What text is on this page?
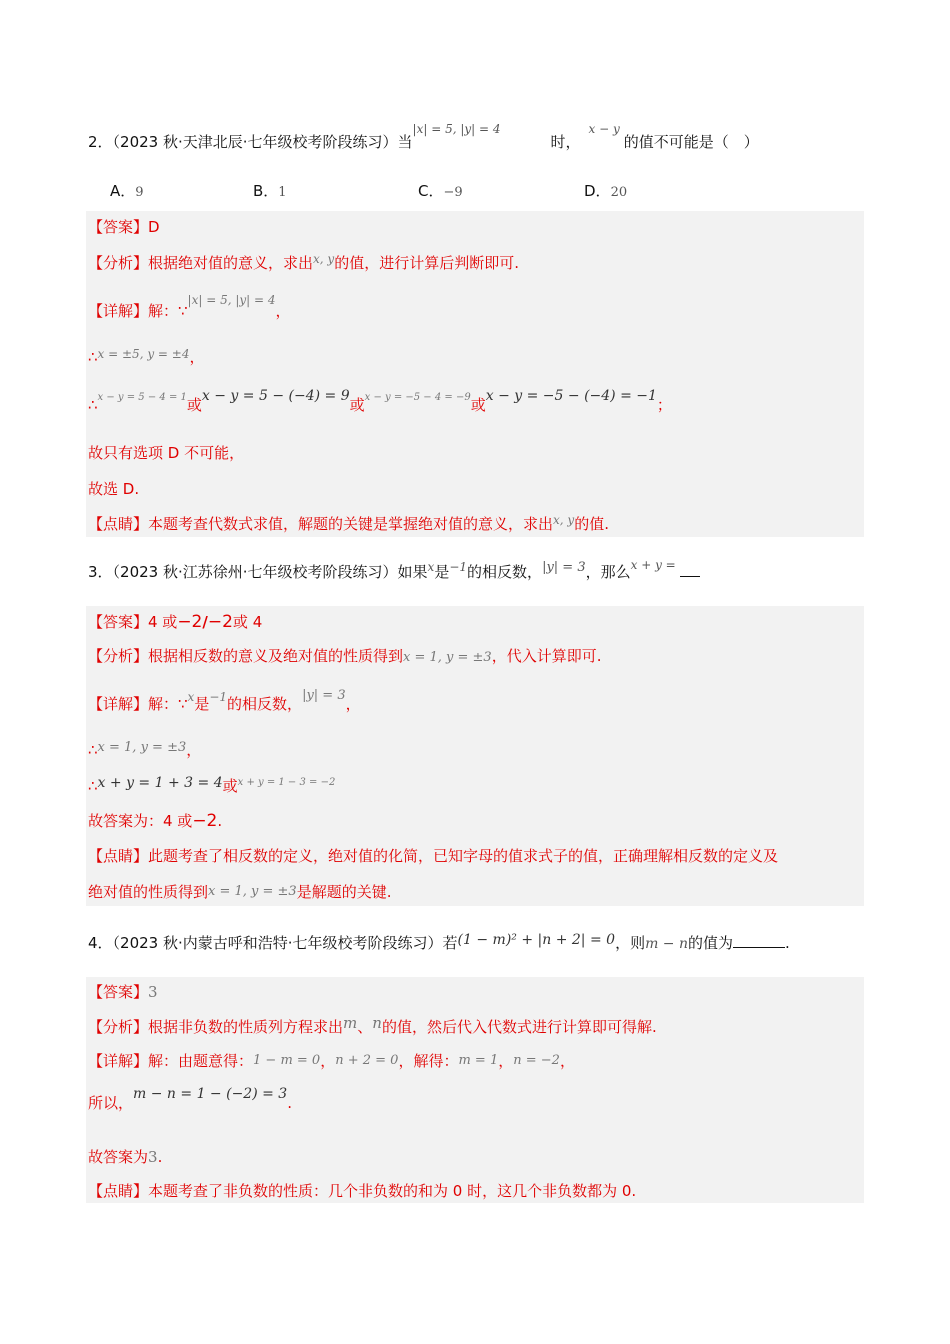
2．（2023 秋·天津北辰·七年级校考阶段练习）当$^{|x| = 5, |y| = 4}$时，$^{x - y}$的值不可能是（　）
A．9	B．1	C．−9	D．20
【答案】D
【分析】根据绝对值的意义，求出$^{x, y}$的值，进行计算后判断即可.
【详解】解：∵$^{|x| = 5, |y| = 4}$，
∴$^{x = \pm 5, y = \pm 4}$，
∴$^{x - y = 5 - 4 = 1}$或x − y = 5 − (−4) = 9或$^{x - y = -5 - 4 = -9}$或x − y = −5 − (−4) = −1；
故只有选项 D 不可能，
故选 D.
【点睛】本题考查代数式求值，解题的关键是掌握绝对值的意义，求出$^{x, y}$的值.
3．（2023 秋·江苏徐州·七年级校考阶段练习）如果$^x$是$^{-1}$的相反数，|y| = 3，那么$^{x + y =}$
【答案】4 或−2/−2或 4
【分析】根据相反数的意义及绝对值的性质得到x = 1, y = ±3，代入计算即可.
【详解】解：∵$^x$是$^{-1}$的相反数，|y| = 3，
∴x = 1, y = ±3，
∴x + y = 1 + 3 = 4或$^{x + y = 1 - 3 = -2}$
故答案为：4 或−2.
【点睛】此题考查了相反数的定义，绝对值的化简，已知字母的值求式子的值，正确理解相反数的定义及
绝对值的性质得到x = 1, y = ±3是解题的关键.
4．（2023 秋·内蒙古呼和浩特·七年级校考阶段练习）若(1 − m)² + |n + 2| = 0，则m − n的值为	.
【答案】3
【分析】根据非负数的性质列方程求出m、n的值，然后代入代数式进行计算即可得解.
【详解】解：由题意得：1 − m = 0，n + 2 = 0，解得：m = 1，n = −2，
所以，m − n = 1 − (−2) = 3.
故答案为3.
【点睛】本题考查了非负数的性质：几个非负数的和为 0 时，这几个非负数都为 0.
